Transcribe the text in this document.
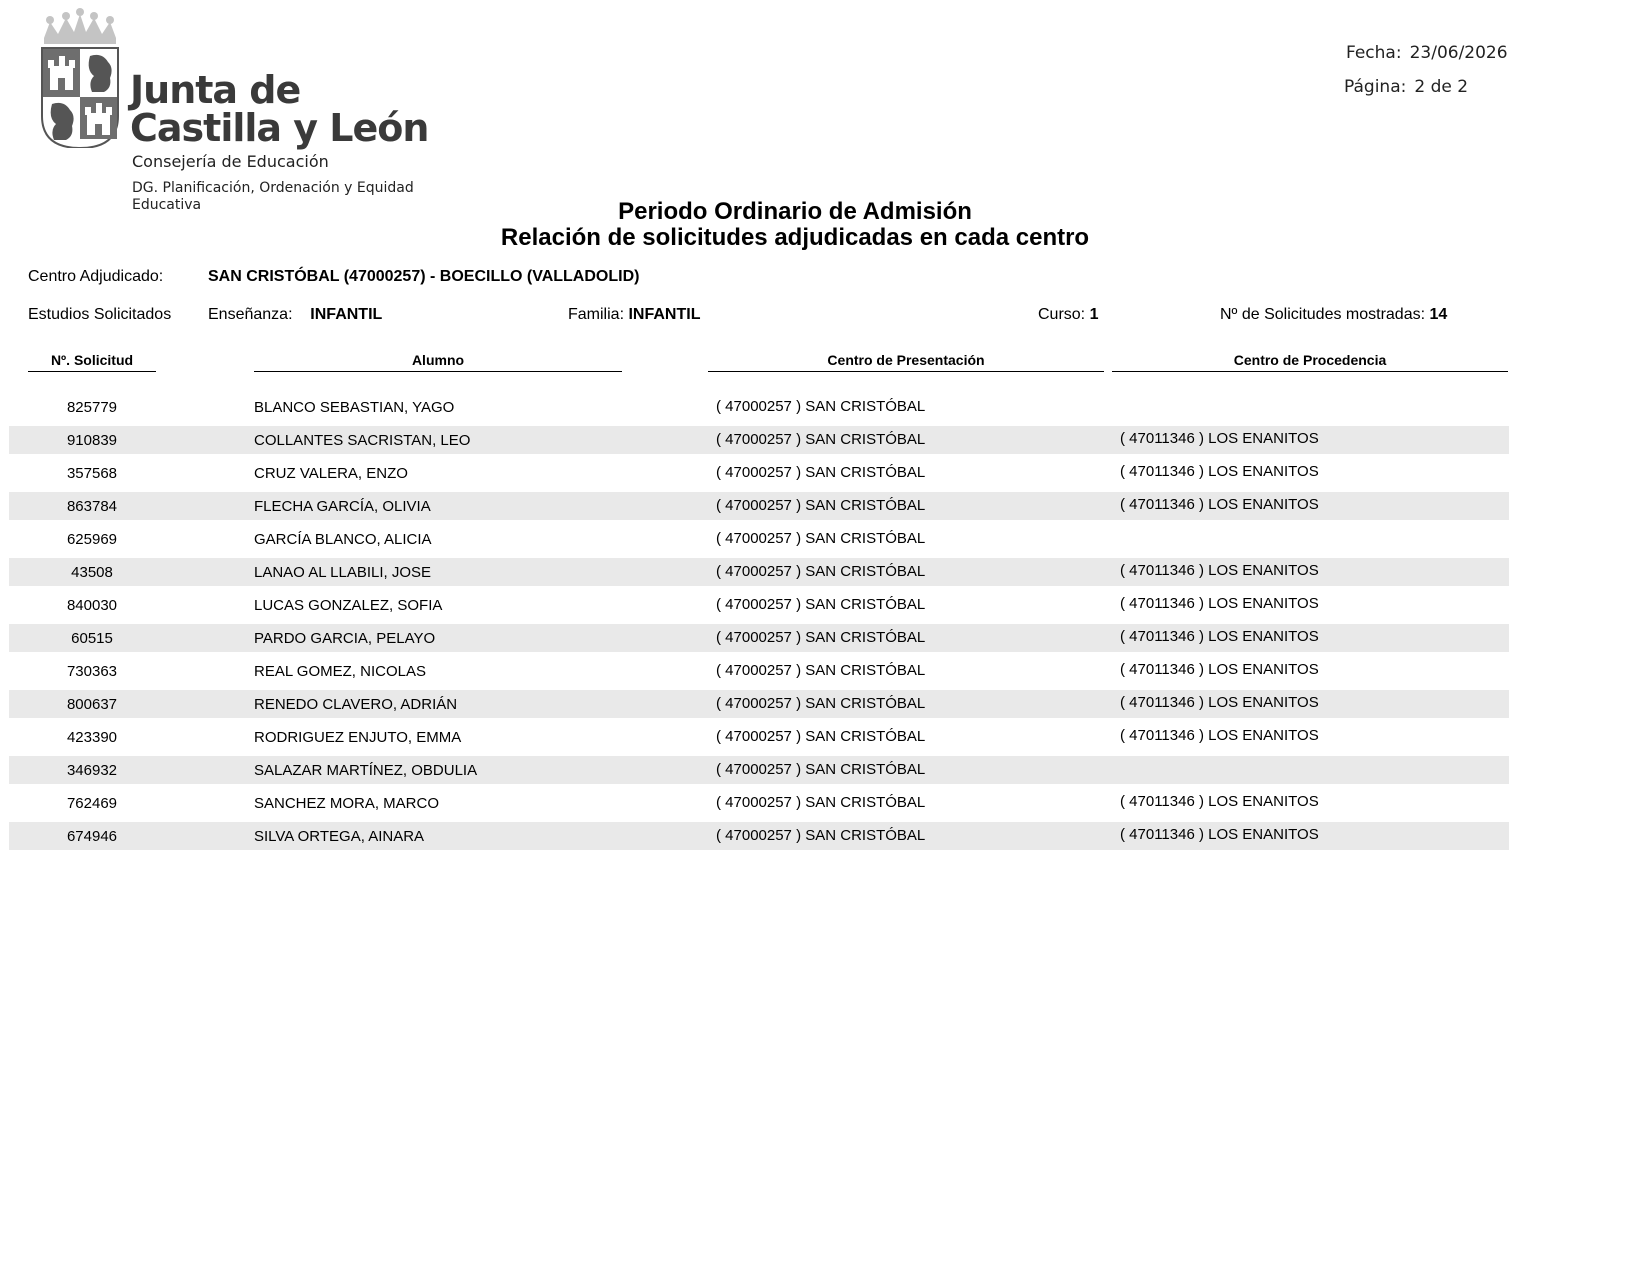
Junta de
Castilla y León
Consejería de Educación
DG. Planificación, Ordenación y Equidad Educativa
Fecha: 23/06/2026
Página: 2 de 2
Periodo Ordinario de Admisión
Relación de solicitudes adjudicadas en cada centro
Centro Adjudicado:	SAN CRISTÓBAL (47000257) - BOECILLO (VALLADOLID)
Estudios Solicitados Enseñanza: INFANTIL	Familia: INFANTIL	Curso: 1	Nº de Solicitudes mostradas: 14
Nº. Solicitud	Alumno	Centro de Presentación	Centro de Procedencia
825779	BLANCO SEBASTIAN, YAGO	( 47000257 ) SAN CRISTÓBAL
910839	COLLANTES SACRISTAN, LEO	( 47000257 ) SAN CRISTÓBAL	( 47011346 ) LOS ENANITOS
357568	CRUZ VALERA, ENZO	( 47000257 ) SAN CRISTÓBAL	( 47011346 ) LOS ENANITOS
863784	FLECHA GARCÍA, OLIVIA	( 47000257 ) SAN CRISTÓBAL	( 47011346 ) LOS ENANITOS
625969	GARCÍA BLANCO, ALICIA	( 47000257 ) SAN CRISTÓBAL
43508	LANAO AL LLABILI, JOSE	( 47000257 ) SAN CRISTÓBAL	( 47011346 ) LOS ENANITOS
840030	LUCAS GONZALEZ, SOFIA	( 47000257 ) SAN CRISTÓBAL	( 47011346 ) LOS ENANITOS
60515	PARDO GARCIA, PELAYO	( 47000257 ) SAN CRISTÓBAL	( 47011346 ) LOS ENANITOS
730363	REAL GOMEZ, NICOLAS	( 47000257 ) SAN CRISTÓBAL	( 47011346 ) LOS ENANITOS
800637	RENEDO CLAVERO, ADRIÁN	( 47000257 ) SAN CRISTÓBAL	( 47011346 ) LOS ENANITOS
423390	RODRIGUEZ ENJUTO, EMMA	( 47000257 ) SAN CRISTÓBAL	( 47011346 ) LOS ENANITOS
346932	SALAZAR MARTÍNEZ, OBDULIA	( 47000257 ) SAN CRISTÓBAL
762469	SANCHEZ MORA, MARCO	( 47000257 ) SAN CRISTÓBAL	( 47011346 ) LOS ENANITOS
674946	SILVA ORTEGA, AINARA	( 47000257 ) SAN CRISTÓBAL	( 47011346 ) LOS ENANITOS
